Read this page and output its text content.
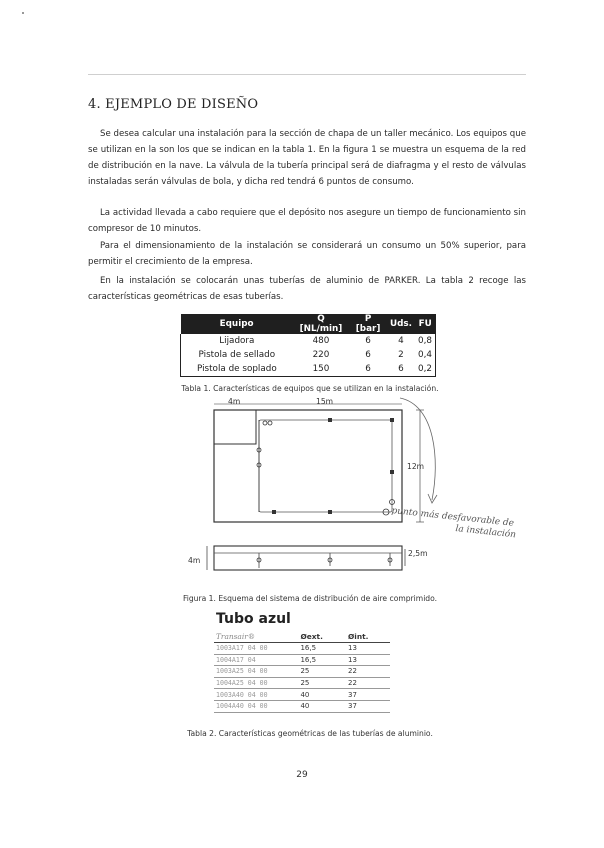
4. EJEMPLO DE DISEÑO

Se desea calcular una instalación para la sección de chapa de un taller mecánico. Los equipos que se utilizan en la son los que se indican en la tabla 1. En la figura 1 se muestra un esquema de la red de distribución en la nave. La válvula de la tubería principal será de diafragma y el resto de válvulas instaladas serán válvulas de bola, y dicha red tendrá 6 puntos de consumo.

La actividad llevada a cabo requiere que el depósito nos asegure un tiempo de funcionamiento sin compresor de 10 minutos.

Para el dimensionamiento de la instalación se considerará un consumo un 50% superior, para permitir el crecimiento de la empresa.

En la instalación se colocarán unas tuberías de aluminio de PARKER. La tabla 2 recoge las características geométricas de esas tuberías.

Equipo	Q [NL/min]	P [bar]	Uds.	FU
Lijadora	480	6	4	0,8
Pistola de sellado	220	6	2	0,4
Pistola de soplado	150	6	6	0,2
Tabla 1. Características de equipos que se utilizan en la instalación.
4m	15m
12m
4m
2,5m
punto más desfavorable de
la instalación
Figura 1. Esquema del sistema de distribución de aire comprimido.
Tubo azul
Transair®	Øext.	Øint.
1003A17 04 00	16,5	13
1004A17 04	16,5	13
1003A25 04 00	25	22
1004A25 04 00	25	22
1003A40 04 00	40	37
1004A40 04 00	40	37
Tabla 2. Características geométricas de las tuberías de aluminio.
29
